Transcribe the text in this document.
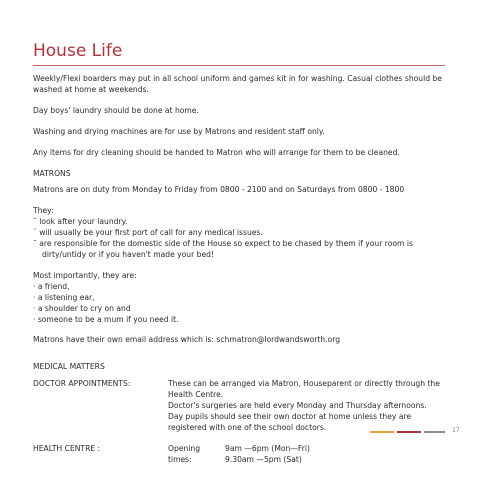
House Life

Weekly/Flexi boarders may put in all school uniform and games kit in for washing. Casual clothes should be washed at home at weekends.

Day boys' laundry should be done at home.

Washing and drying machines are for use by Matrons and resident staff only.

Any items for dry cleaning should be handed to Matron who will arrange for them to be cleaned.

MATRONS

Matrons are on duty from Monday to Friday from 0800 - 2100 and on Saturdays from 0800 - 1800

They:
¯ look after your laundry.
¨ will usually be your first port of call for any medical issues.
¯ are responsible for the domestic side of the House so expect to be chased by them if your room is dirty/untidy or if you haven't made your bed!
Most importantly, they are:
· a friend,
· a listening ear,
· a shoulder to cry on and
· someone to be a mum if you need it.

Matrons have their own email address which is: schmatron@lordwandsworth.org

MEDICAL MATTERS

DOCTOR APPOINTMENTS:	These can be arranged via Matron, Houseparent or directly through the Health Centre.
Doctor's surgeries are held every Monday and Thursday afternoons.
Day pupils should see their own doctor at home unless they are registered with one of the school doctors.
HEALTH CENTRE :	Opening times:
9am —6pm (Mon—Fri)
9.30am —5pm (Sat)
17
